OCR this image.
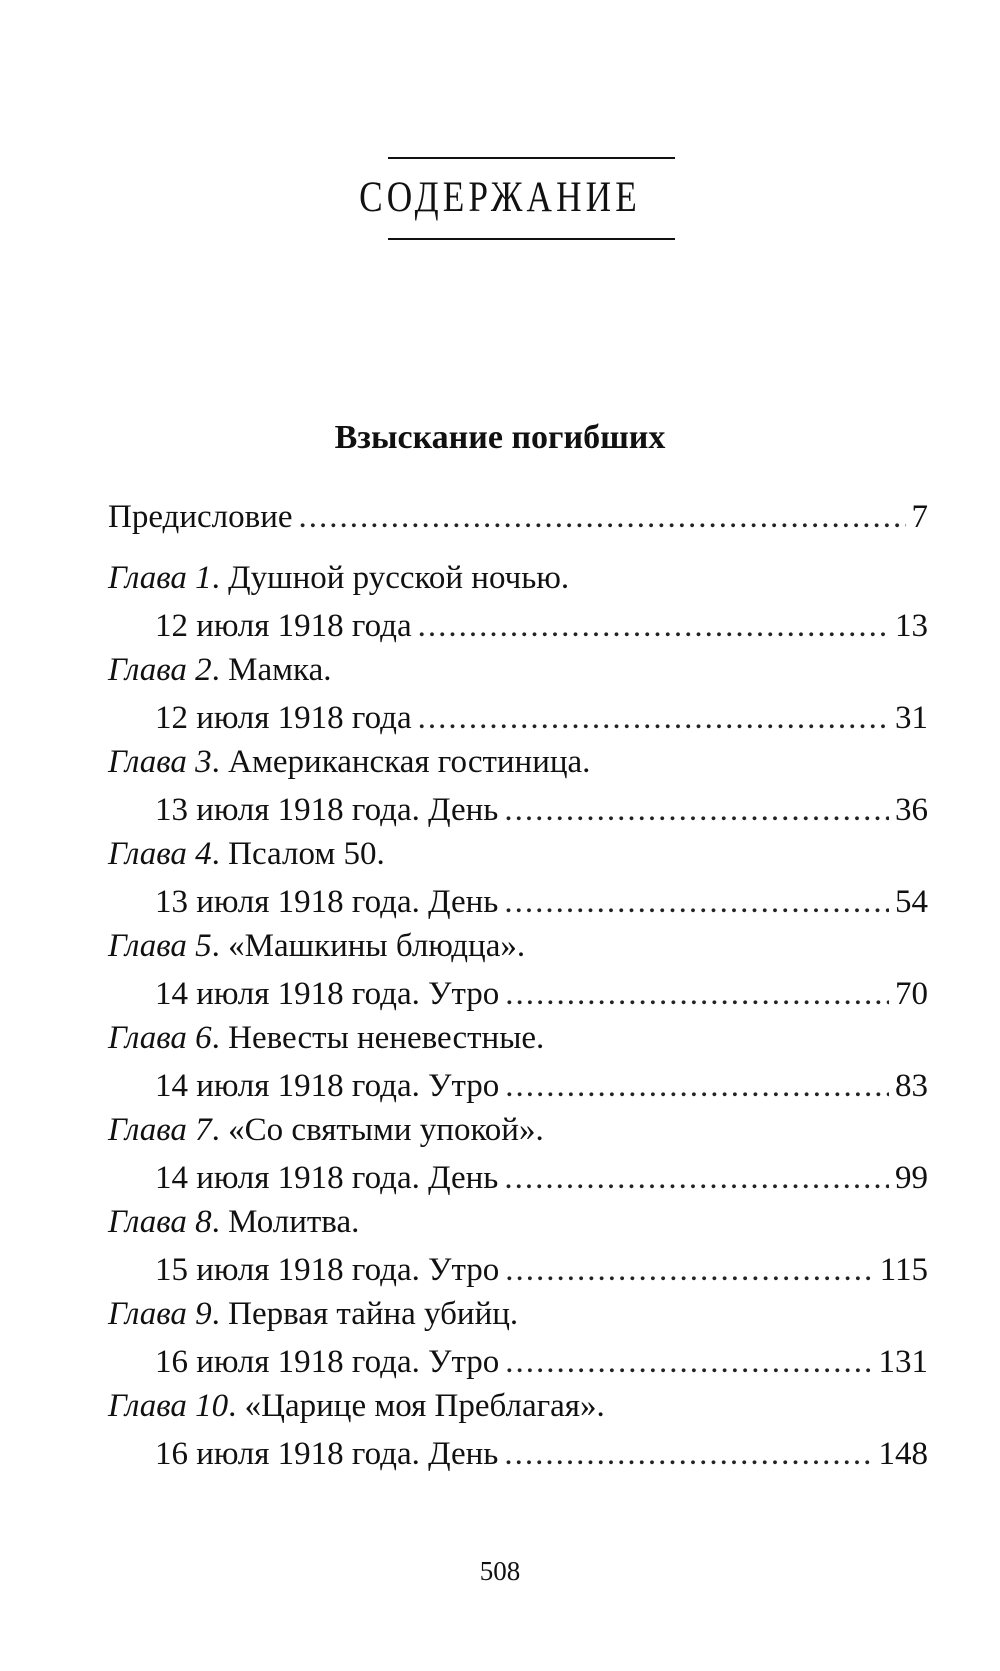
СОДЕРЖАНИЕ
Взыскание погибших
Предисловие .....	7
Глава 1. Душной русской ночью.
12 июля 1918 года .....	13
Глава 2. Мамка.
12 июля 1918 года .....	31
Глава 3. Американская гостиница.
13 июля 1918 года. День .....	36
Глава 4. Псалом 50.
13 июля 1918 года. День .....	54
Глава 5. «Машкины блюдца».
14 июля 1918 года. Утро .....	70
Глава 6. Невесты неневестные.
14 июля 1918 года. Утро .....	83
Глава 7. «Со святыми упокой».
14 июля 1918 года. День .....	99
Глава 8. Молитва.
15 июля 1918 года. Утро .....	115
Глава 9. Первая тайна убийц.
16 июля 1918 года. Утро .....	131
Глава 10. «Царице моя Преблагая».
16 июля 1918 года. День .....	148
508
